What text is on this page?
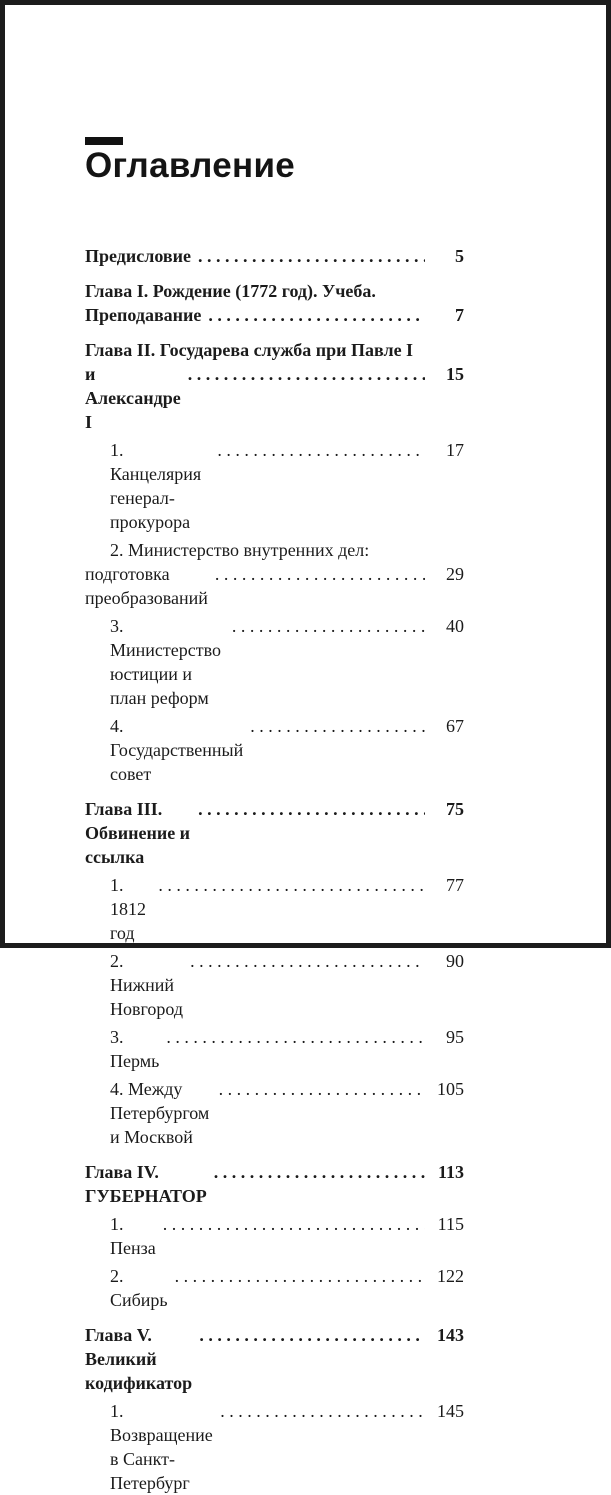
Оглавление
Предисловие . . .	5
Глава I. Рождение (1772 год). Учеба.
Преподавание . . .	7
Глава II. Государева служба при Павле I
и Александре I
. . .
15
1. Канцелярия генерал-прокурора
. . .
17
2. Министерство внутренних дел:
подготовка преобразований
. . .
29
3. Министерство юстиции и план реформ
. . .
40
4. Государственный совет
. . .
67
Глава III. Обвинение и ссылка
. . .
75
1. 1812 год
. . .
77
2. Нижний Новгород
. . .
90
3. Пермь
. . .
95
4. Между Петербургом и Москвой
. . .
105
Глава IV. ГУБЕРНАТОР
. . .
113
1. Пенза
. . .
115
2. Сибирь
. . .
122
Глава V. Великий кодификатор
. . .
143
1. Возвращение в Санкт-Петербург
. . .
145
